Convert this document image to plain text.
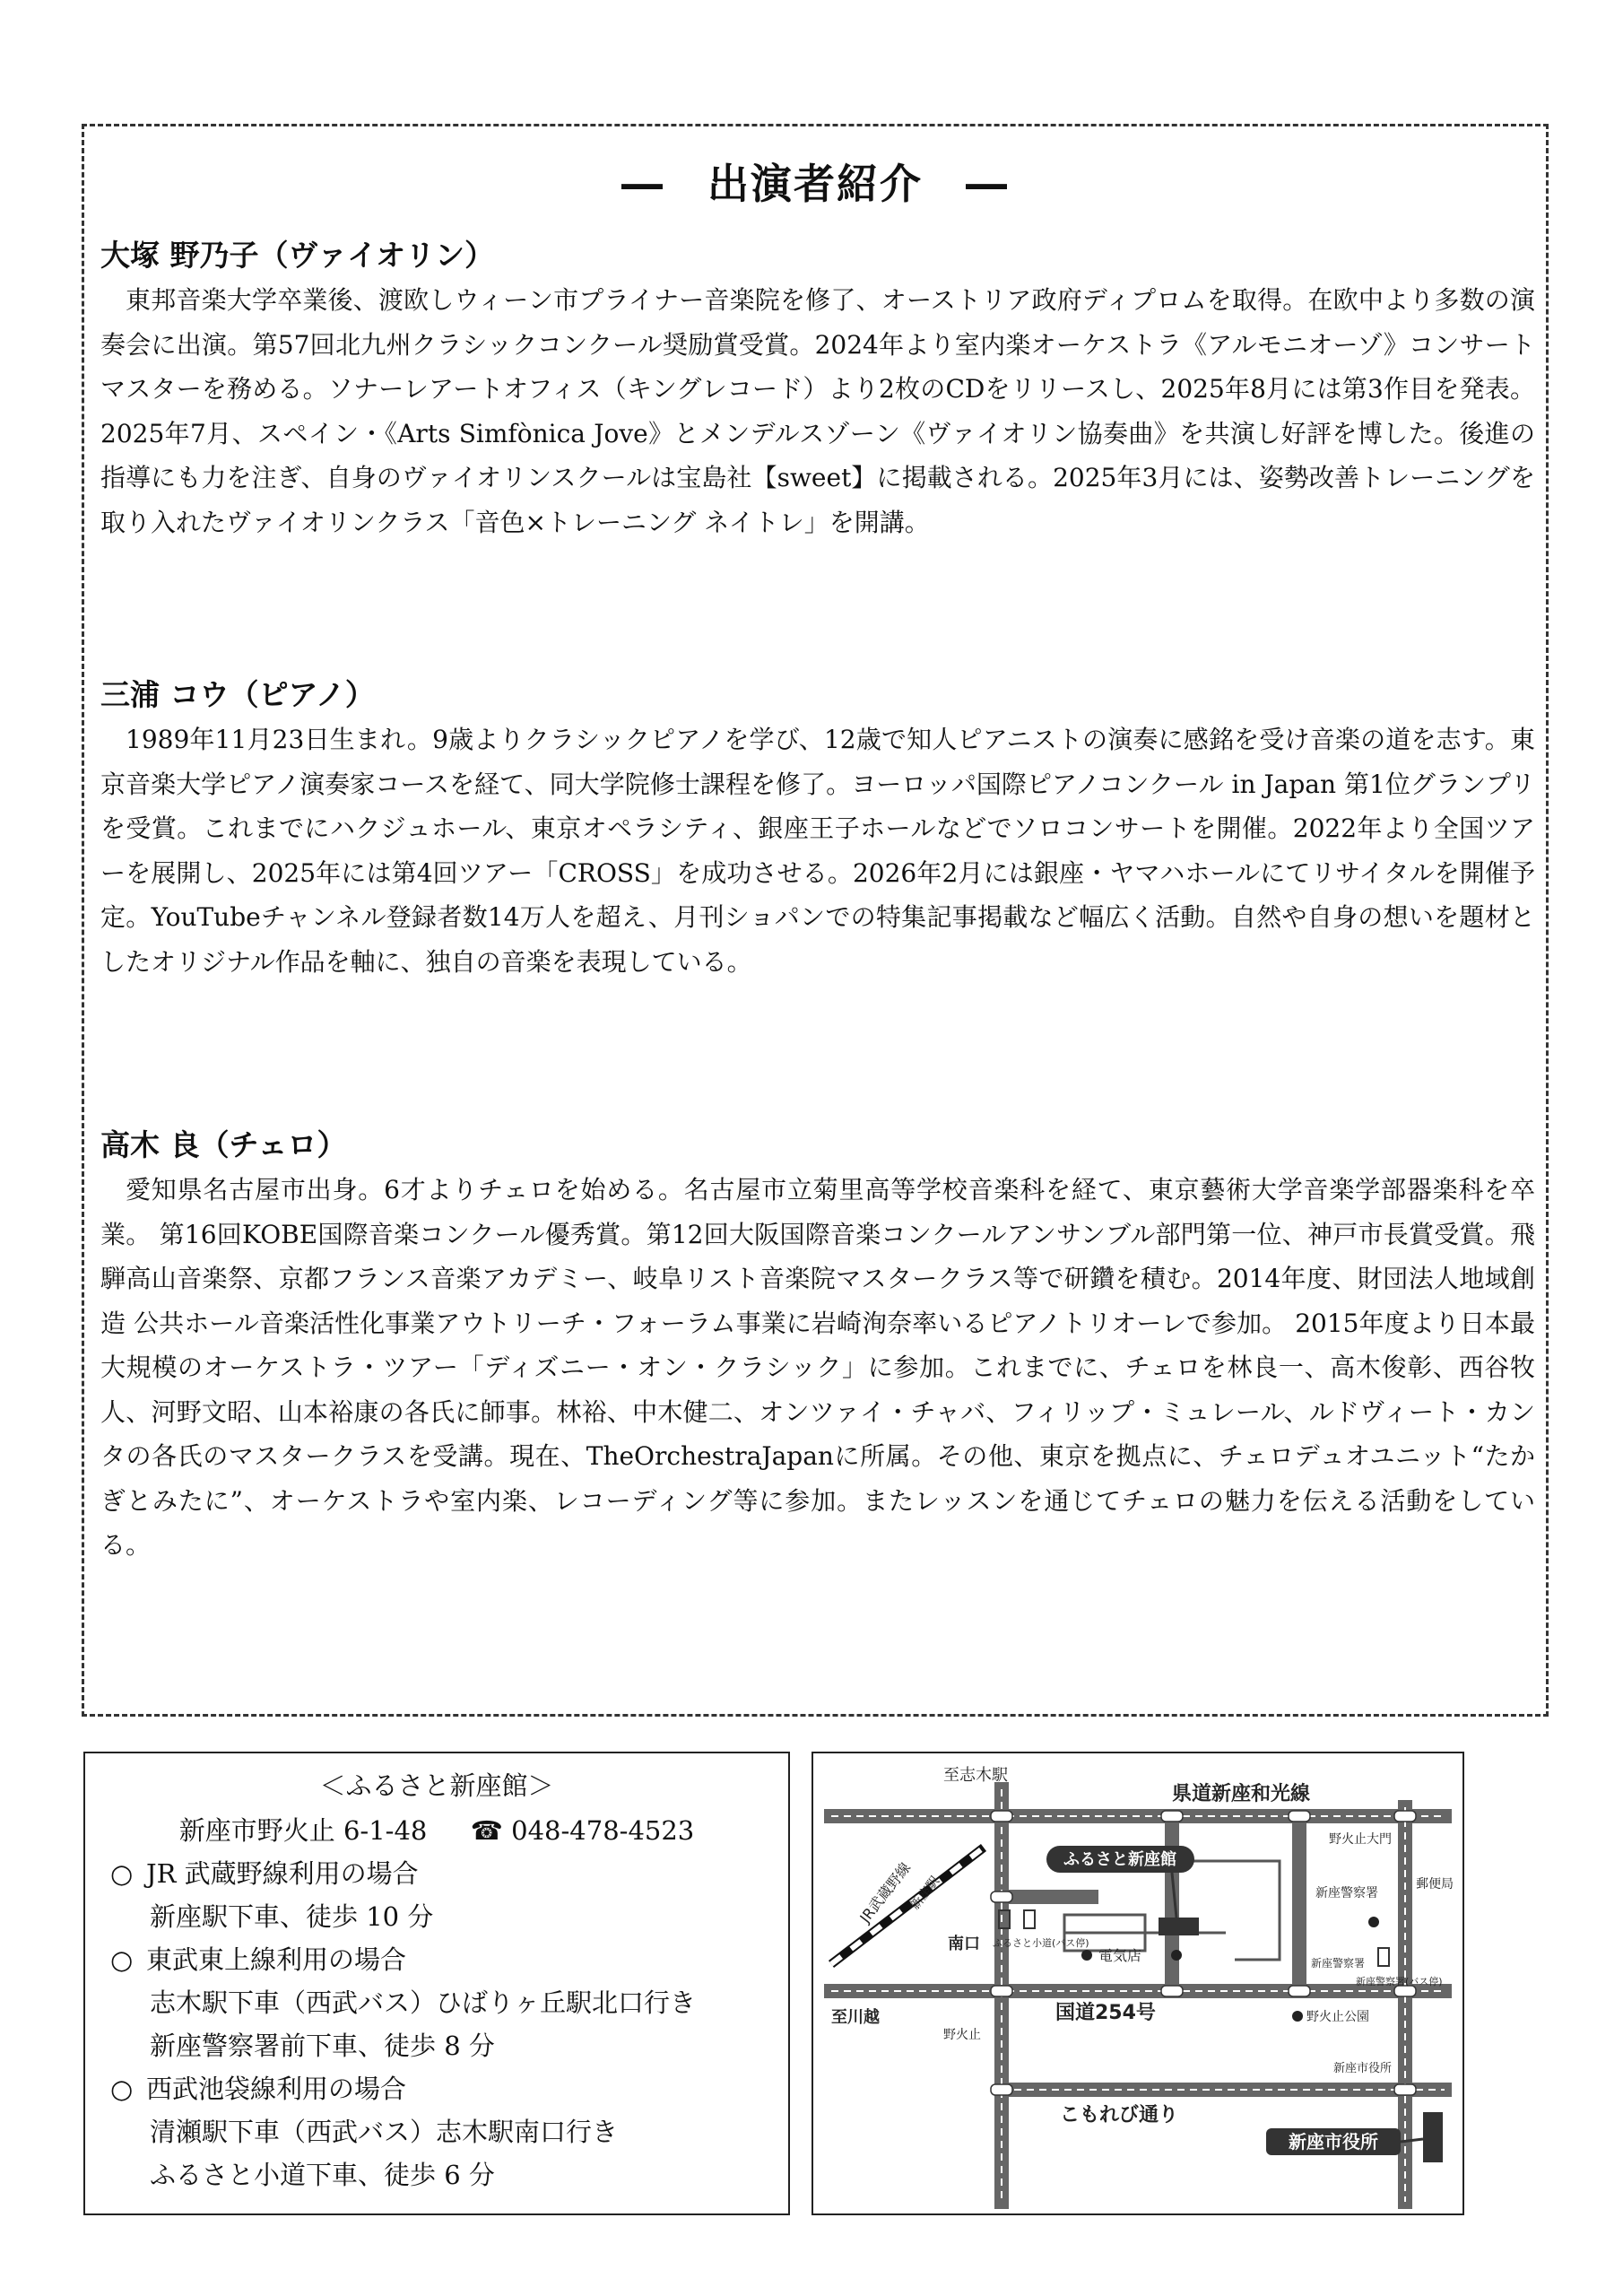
―　出演者紹介　―
大塚 野乃子（ヴァイオリン）

東邦音楽大学卒業後、渡欧しウィーン市プライナー音楽院を修了、オーストリア政府ディプロムを取得。在欧中より多数の演奏会に出演。第57回北九州クラシックコンクール奨励賞受賞。2024年より室内楽オーケストラ《アルモニオーゾ》コンサートマスターを務める。ソナーレアートオフィス（キングレコード）より2枚のCDをリリースし、2025年8月には第3作目を発表。2025年7月、スペイン・《Arts Simfònica Jove》とメンデルスゾーン《ヴァイオリン協奏曲》を共演し好評を博した。後進の指導にも力を注ぎ、自身のヴァイオリンスクールは宝島社【sweet】に掲載される。2025年3月には、姿勢改善トレーニングを取り入れたヴァイオリンクラス「音色×トレーニング ネイトレ」を開講。

三浦 コウ（ピアノ）

1989年11月23日生まれ。9歳よりクラシックピアノを学び、12歳で知人ピアニストの演奏に感銘を受け音楽の道を志す。東京音楽大学ピアノ演奏家コースを経て、同大学院修士課程を修了。ヨーロッパ国際ピアノコンクール in Japan 第1位グランプリを受賞。これまでにハクジュホール、東京オペラシティ、銀座王子ホールなどでソロコンサートを開催。2022年より全国ツアーを展開し、2025年には第4回ツアー「CROSS」を成功させる。2026年2月には銀座・ヤマハホールにてリサイタルを開催予定。YouTubeチャンネル登録者数14万人を超え、月刊ショパンでの特集記事掲載など幅広く活動。自然や自身の想いを題材としたオリジナル作品を軸に、独自の音楽を表現している。

高木 良（チェロ）

愛知県名古屋市出身。6才よりチェロを始める。名古屋市立菊里高等学校音楽科を経て、東京藝術大学音楽学部器楽科を卒業。 第16回KOBE国際音楽コンクール優秀賞。第12回大阪国際音楽コンクールアンサンブル部門第一位、神戸市長賞受賞。飛騨高山音楽祭、京都フランス音楽アカデミー、岐阜リスト音楽院マスタークラス等で研鑽を積む。2014年度、財団法人地域創造 公共ホール音楽活性化事業アウトリーチ・フォーラム事業に岩崎洵奈率いるピアノトリオーレで参加。 2015年度より日本最大規模のオーケストラ・ツアー「ディズニー・オン・クラシック」に参加。これまでに、チェロを林良一、高木俊彰、西谷牧人、河野文昭、山本裕康の各氏に師事。林裕、中木健二、オンツァイ・チャバ、フィリップ・ミュレール、ルドヴィート・カンタの各氏のマスタークラスを受講。現在、TheOrchestraJapanに所属。その他、東京を拠点に、チェロデュオユニット“たかぎとみたに”、オーケストラや室内楽、レコーディング等に参加。またレッスンを通じてチェロの魅力を伝える活動をしている。

＜ふるさと新座館＞
新座市野火止 6-1-48 ☎ 048-478-4523
○ JR 武蔵野線利用の場合
新座駅下車、徒歩 10 分
○ 東武東上線利用の場合
志木駅下車（西武バス）ひばりヶ丘駅北口行き
新座警察署前下車、徒歩 8 分
○ 西武池袋線利用の場合
清瀬駅下車（西武バス）志木駅南口行き
ふるさと小道下車、徒歩 6 分
ふるさと新座館
新座市役所
至志木駅
県道新座和光線
野火止大門
JR武蔵野線
新座駅	新座警察署
郵便局
南口 ふるさと小道(バス停)
電気店
新座警察署(バス停)
新座警察署
至川越	国道254号	野火止公園
野火止
新座市役所
こもれび通り
